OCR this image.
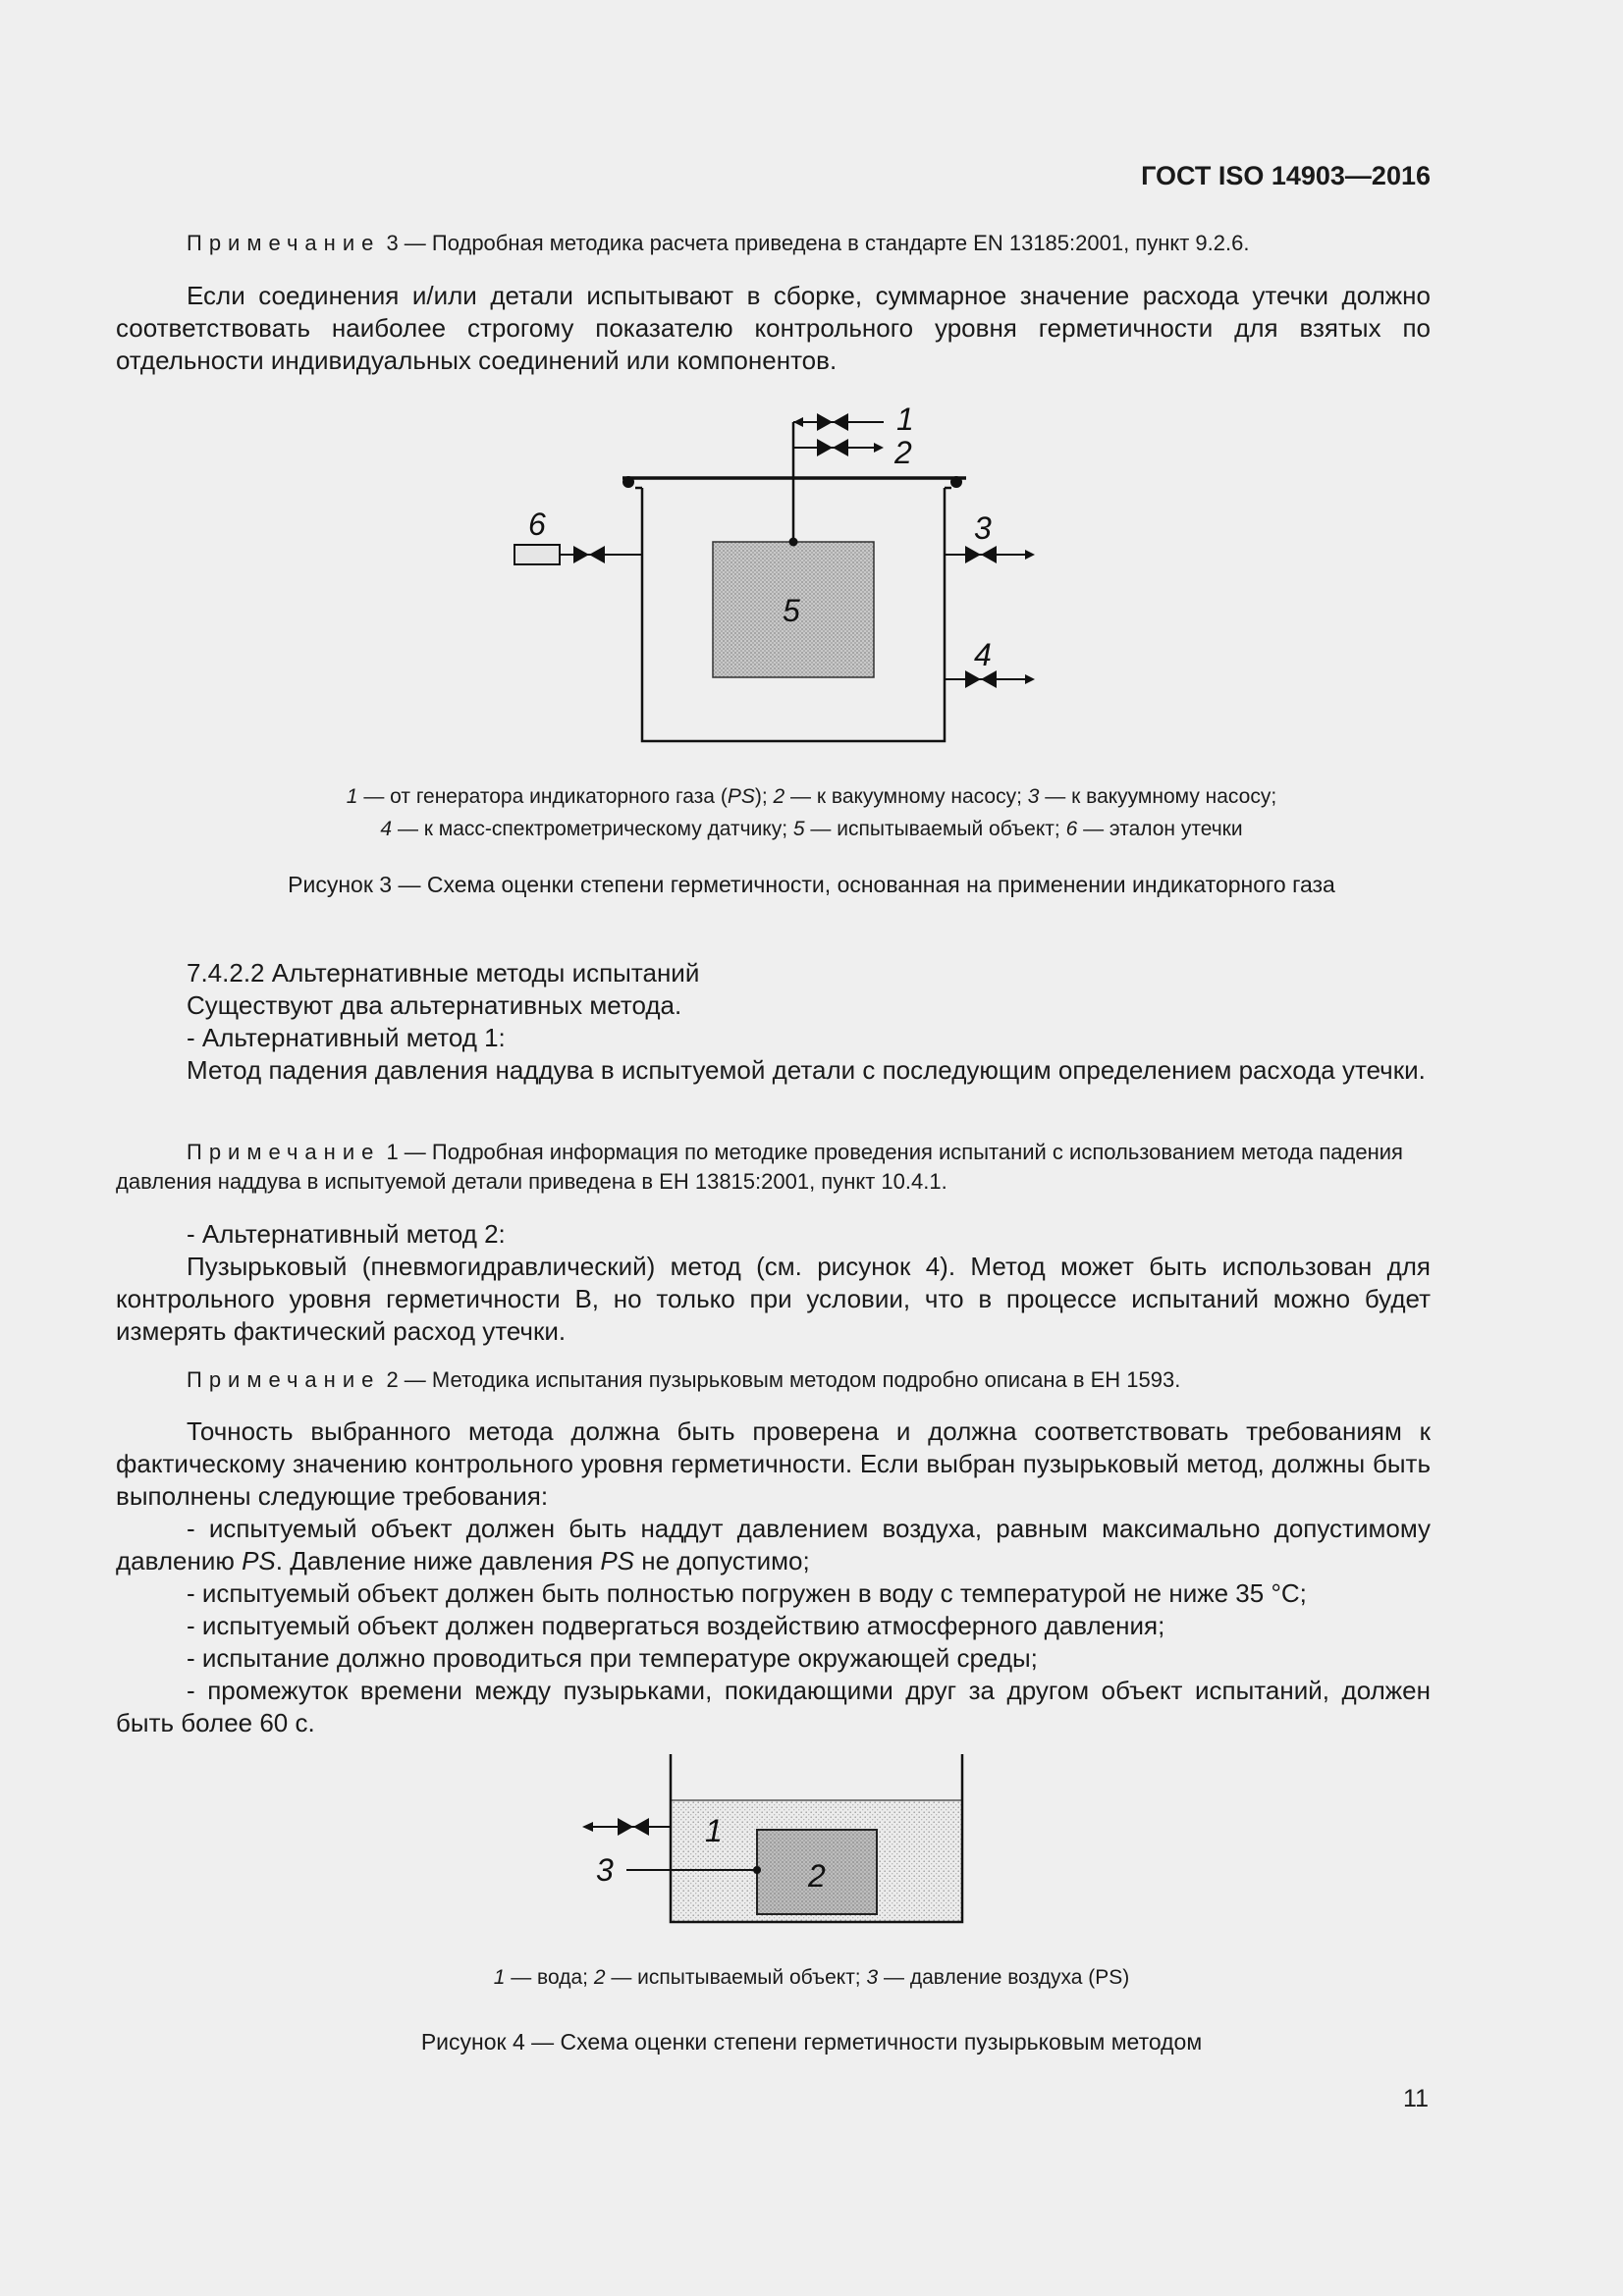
ГОСТ ISO 14903—2016
Примечание 3 — Подробная методика расчета приведена в стандарте EN 13185:2001, пункт 9.2.6.
Если соединения и/или детали испытывают в сборке, суммарное значение расхода утечки должно соответствовать наиболее строгому показателю контрольного уровня герметичности для взятых по отдельности индивидуальных соединений или компонентов.
1
2
3
4
5
6
1 — от генератора индикаторного газа (PS); 2 — к вакуумному насосу; 3 — к вакуумному насосу;
4 — к масс-спектрометрическому датчику; 5 — испытываемый объект; 6 — эталон утечки
Рисунок 3 — Схема оценки степени герметичности, основанная на применении индикаторного газа
7.4.2.2 Альтернативные методы испытаний
Существуют два альтернативных метода.
- Альтернативный метод 1:
Метод падения давления наддува в испытуемой детали с последующим определением расхода утечки.
Примечание 1 — Подробная информация по методике проведения испытаний с использованием метода падения давления наддува в испытуемой детали приведена в ЕН 13815:2001, пункт 10.4.1.
- Альтернативный метод 2:
Пузырьковый (пневмогидравлический) метод (см. рисунок 4). Метод может быть использован для контрольного уровня герметичности B, но только при условии, что в процессе испытаний можно будет измерять фактический расход утечки.
Примечание 2 — Методика испытания пузырьковым методом подробно описана в ЕН 1593.
Точность выбранного метода должна быть проверена и должна соответствовать требованиям к фактическому значению контрольного уровня герметичности. Если выбран пузырьковый метод, должны быть выполнены следующие требования:
- испытуемый объект должен быть наддут давлением воздуха, равным максимально допустимому давлению PS. Давление ниже давления PS не допустимо;
- испытуемый объект должен быть полностью погружен в воду с температурой не ниже 35 °С;
- испытуемый объект должен подвергаться воздействию атмосферного давления;
- испытание должно проводиться при температуре окружающей среды;
- промежуток времени между пузырьками, покидающими друг за другом объект испытаний, должен быть более 60 с.
1
2
3
1 — вода; 2 — испытываемый объект; 3 — давление воздуха (PS)
Рисунок 4 — Схема оценки степени герметичности пузырьковым методом
11
